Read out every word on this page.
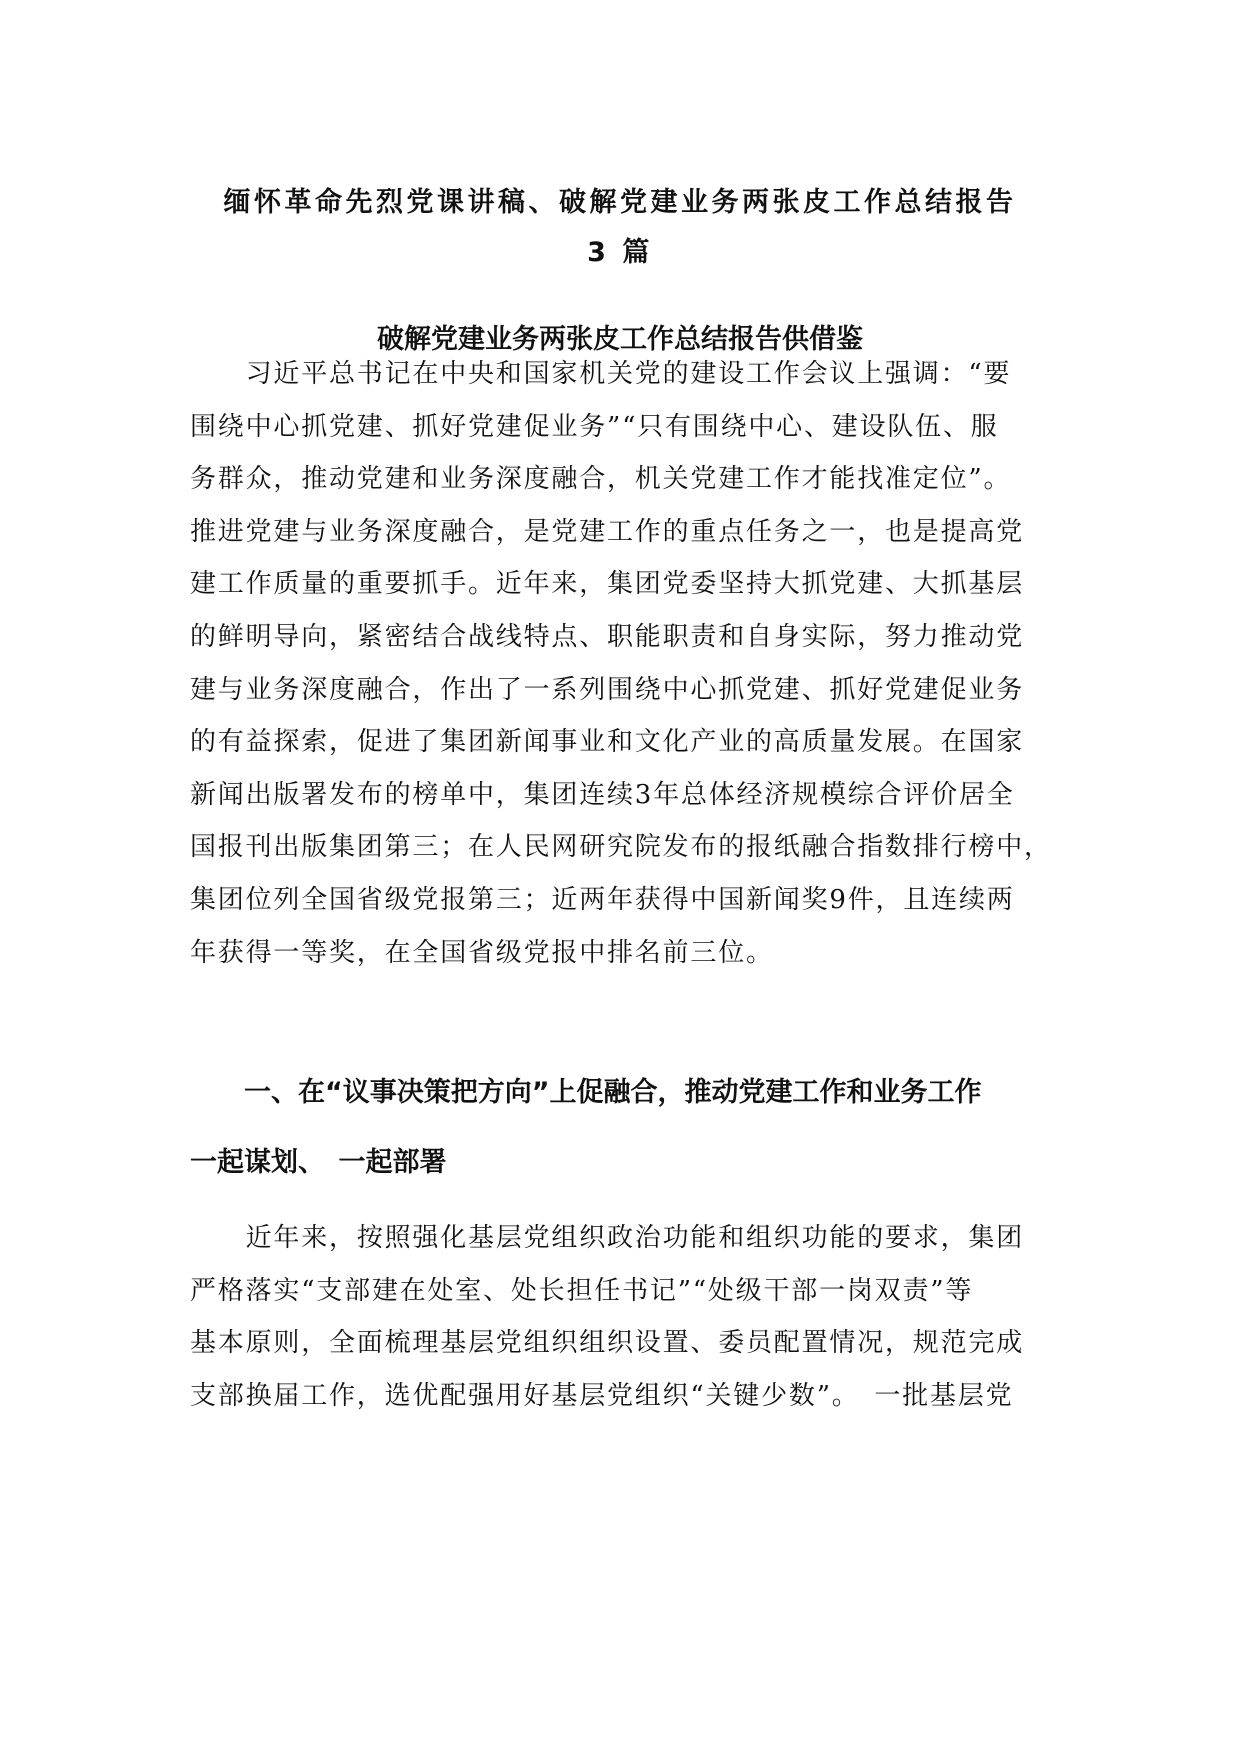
缅怀革命先烈党课讲稿、破解党建业务两张皮工作总结报告
3 篇
破解党建业务两张皮工作总结报告供借鉴
　　习近平总书记在中央和国家机关党的建设工作会议上强调：“要
围绕中心抓党建、抓好党建促业务”“只有围绕中心、建设队伍、服
务群众，推动党建和业务深度融合，机关党建工作才能找准定位”。
推进党建与业务深度融合，是党建工作的重点任务之一，也是提高党
建工作质量的重要抓手。近年来，集团党委坚持大抓党建、大抓基层
的鲜明导向，紧密结合战线特点、职能职责和自身实际，努力推动党
建与业务深度融合，作出了一系列围绕中心抓党建、抓好党建促业务
的有益探索，促进了集团新闻事业和文化产业的高质量发展。在国家
新闻出版署发布的榜单中，集团连续3年总体经济规模综合评价居全
国报刊出版集团第三；在人民网研究院发布的报纸融合指数排行榜中，
集团位列全国省级党报第三；近两年获得中国新闻奖9件，且连续两
年获得一等奖，在全国省级党报中排名前三位。
　　一、在“议事决策把方向”上促融合，推动党建工作和业务工作
一起谋划、　一起部署
　　近年来，按照强化基层党组织政治功能和组织功能的要求，集团
严格落实“支部建在处室、处长担任书记”“处级干部一岗双责”等
基本原则，全面梳理基层党组织组织设置、委员配置情况，规范完成
支部换届工作，选优配强用好基层党组织“关键少数”。　一批基层党
